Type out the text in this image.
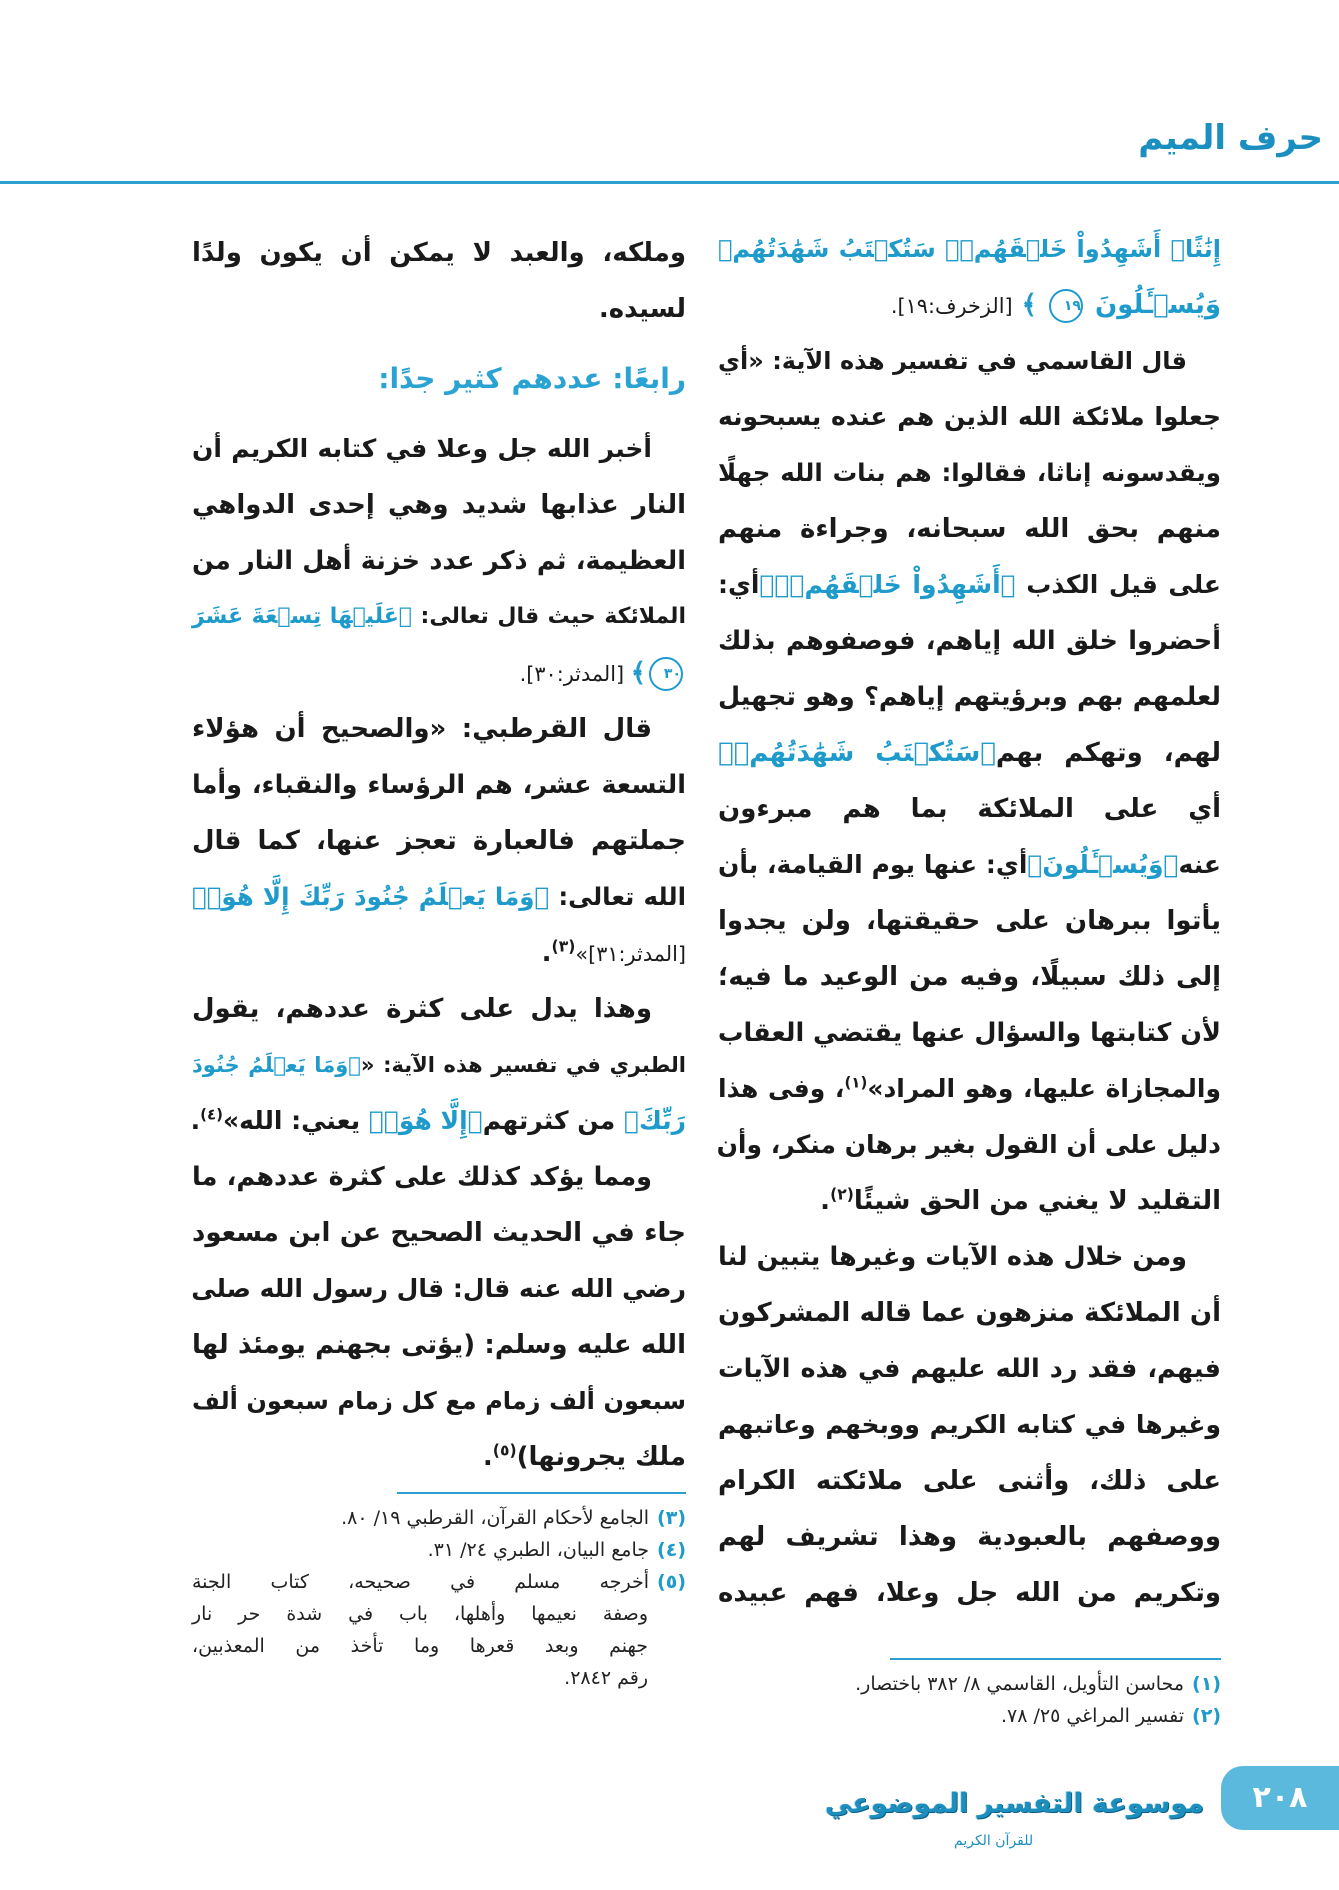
حرف الميم
إِنَٰثًاۚ أَشَهِدُواْ خَلۡقَهُمۡۚ سَتُكۡتَبُ شَهَٰدَتُهُمۡ
وَيُسۡـَٔلُونَ ١٩ ﴾ [الزخرف:١٩].
قال القاسمي في تفسير هذه الآية: «أي
جعلوا ملائكة الله الذين هم عنده يسبحونه
ويقدسونه إناثا، فقالوا: هم بنات الله جهلًا
منهم بحق الله سبحانه، وجراءة منهم
على قيل الكذب ﴿أَشَهِدُواْ خَلۡقَهُمۡۚ﴾أي:
أحضروا خلق الله إياهم، فوصفوهم بذلك
لعلمهم بهم وبرؤيتهم إياهم؟ وهو تجهيل
لهم، وتهكم بهم﴿سَتُكۡتَبُ شَهَٰدَتُهُمۡ﴾
أي على الملائكة بما هم مبرءون
عنه﴿وَيُسۡـَٔلُونَ﴾أي: عنها يوم القيامة، بأن
يأتوا ببرهان على حقيقتها، ولن يجدوا
إلى ذلك سبيلًا، وفيه من الوعيد ما فيه؛
لأن كتابتها والسؤال عنها يقتضي العقاب
والمجازاة عليها، وهو المراد»$^{(١)}$، وفى هذا
دليل على أن القول بغير برهان منكر، وأن
التقليد لا يغني من الحق شيئًا$^{(٢)}$.
ومن خلال هذه الآيات وغيرها يتبين لنا
أن الملائكة منزهون عما قاله المشركون
فيهم، فقد رد الله عليهم في هذه الآيات
وغيرها في كتابه الكريم ووبخهم وعاتبهم
على ذلك، وأثنى على ملائكته الكرام
ووصفهم بالعبودية وهذا تشريف لهم
وتكريم من الله جل وعلا، فهم عبيده
(١)محاسن التأويل، القاسمي ٨/ ٣٨٢ باختصار.
(٢)تفسير المراغي ٢٥/ ٧٨.
وملكه، والعبد لا يمكن أن يكون ولدًا
لسيده.
رابعًا: عددهم كثير جدًا:
أخبر الله جل وعلا في كتابه الكريم أن
النار عذابها شديد وهي إحدى الدواهي
العظيمة، ثم ذكر عدد خزنة أهل النار من
الملائكة حيث قال تعالى: ﴿عَلَيۡهَا تِسۡعَةَ عَشَرَ
٣٠﴾ [المدثر:٣٠].
قال القرطبي: «والصحيح أن هؤلاء
التسعة عشر، هم الرؤساء والنقباء، وأما
جملتهم فالعبارة تعجز عنها، كما قال
الله تعالى: ﴿وَمَا يَعۡلَمُ جُنُودَ رَبِّكَ إِلَّا هُوَۚ﴾
[المدثر:٣١]»$^{(٣)}$.
وهذا يدل على كثرة عددهم، يقول
الطبري في تفسير هذه الآية: «﴿وَمَا يَعۡلَمُ جُنُودَ
رَبِّكَ﴾ من كثرتهم﴿إِلَّا هُوَۚ﴾ يعني: الله»$^{(٤)}$.
ومما يؤكد كذلك على كثرة عددهم، ما
جاء في الحديث الصحيح عن ابن مسعود
رضي الله عنه قال: قال رسول الله صلى
الله عليه وسلم: (يؤتى بجهنم يومئذ لها
سبعون ألف زمام مع كل زمام سبعون ألف
ملك يجرونها)$^{(٥)}$.
(٣)الجامع لأحكام القرآن، القرطبي ١٩/ ٨٠.
(٤)جامع البيان، الطبري ٢٤/ ٣١.
(٥)أخرجه مسلم في صحيحه، كتاب الجنة
وصفة نعيمها وأهلها، باب في شدة حر نار
جهنم وبعد قعرها وما تأخذ من المعذبين،
رقم ٢٨٤٢.
موسوعة التفسير الموضوعي
للقرآن الكريم
٢٠٨
